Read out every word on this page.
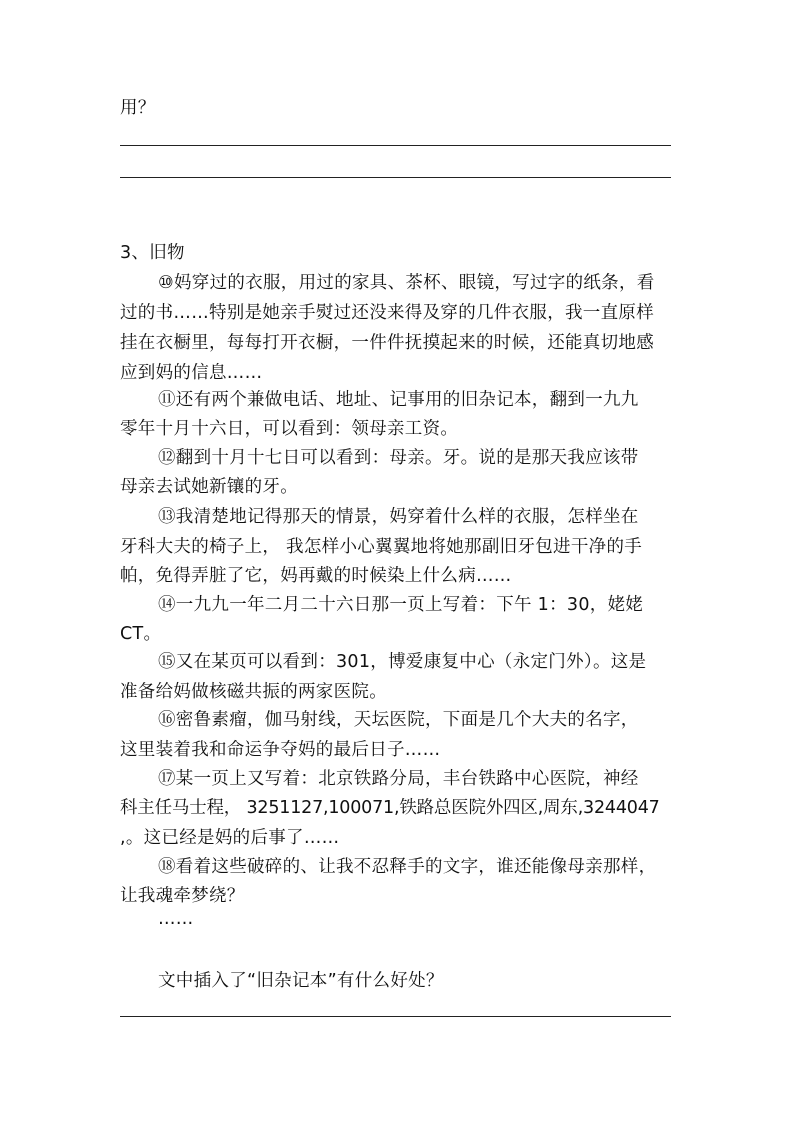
用？
3、旧物
⑩妈穿过的衣服，用过的家具、茶杯、眼镜，写过字的纸条，看
过的书……特别是她亲手熨过还没来得及穿的几件衣服，我一直原样
挂在衣橱里，每每打开衣橱，一件件抚摸起来的时候，还能真切地感
应到妈的信息……
⑪还有两个兼做电话、地址、记事用的旧杂记本，翻到一九九
零年十月十六日，可以看到：领母亲工资。
⑫翻到十月十七日可以看到：母亲。牙。说的是那天我应该带
母亲去试她新镶的牙。
⑬我清楚地记得那天的情景，妈穿着什么样的衣服，怎样坐在
牙科大夫的椅子上， 我怎样小心翼翼地将她那副旧牙包进干净的手
帕，免得弄脏了它，妈再戴的时候染上什么病……
⑭一九九一年二月二十六日那一页上写着：下午 1：30，姥姥
CT。
⑮又在某页可以看到：301，博爱康复中心（永定门外）。这是
准备给妈做核磁共振的两家医院。
⑯密鲁素瘤，伽马射线，天坛医院，下面是几个大夫的名字，
这里装着我和命运争夺妈的最后日子……
⑰某一页上又写着：北京铁路分局，丰台铁路中心医院，神经
科主任马士程， 3251127,100071,铁路总医院外四区,周东,3244047
,。这已经是妈的后事了……
⑱看着这些破碎的、让我不忍释手的文字，谁还能像母亲那样，
让我魂牵梦绕？
……
文中插入了“旧杂记本”有什么好处？
